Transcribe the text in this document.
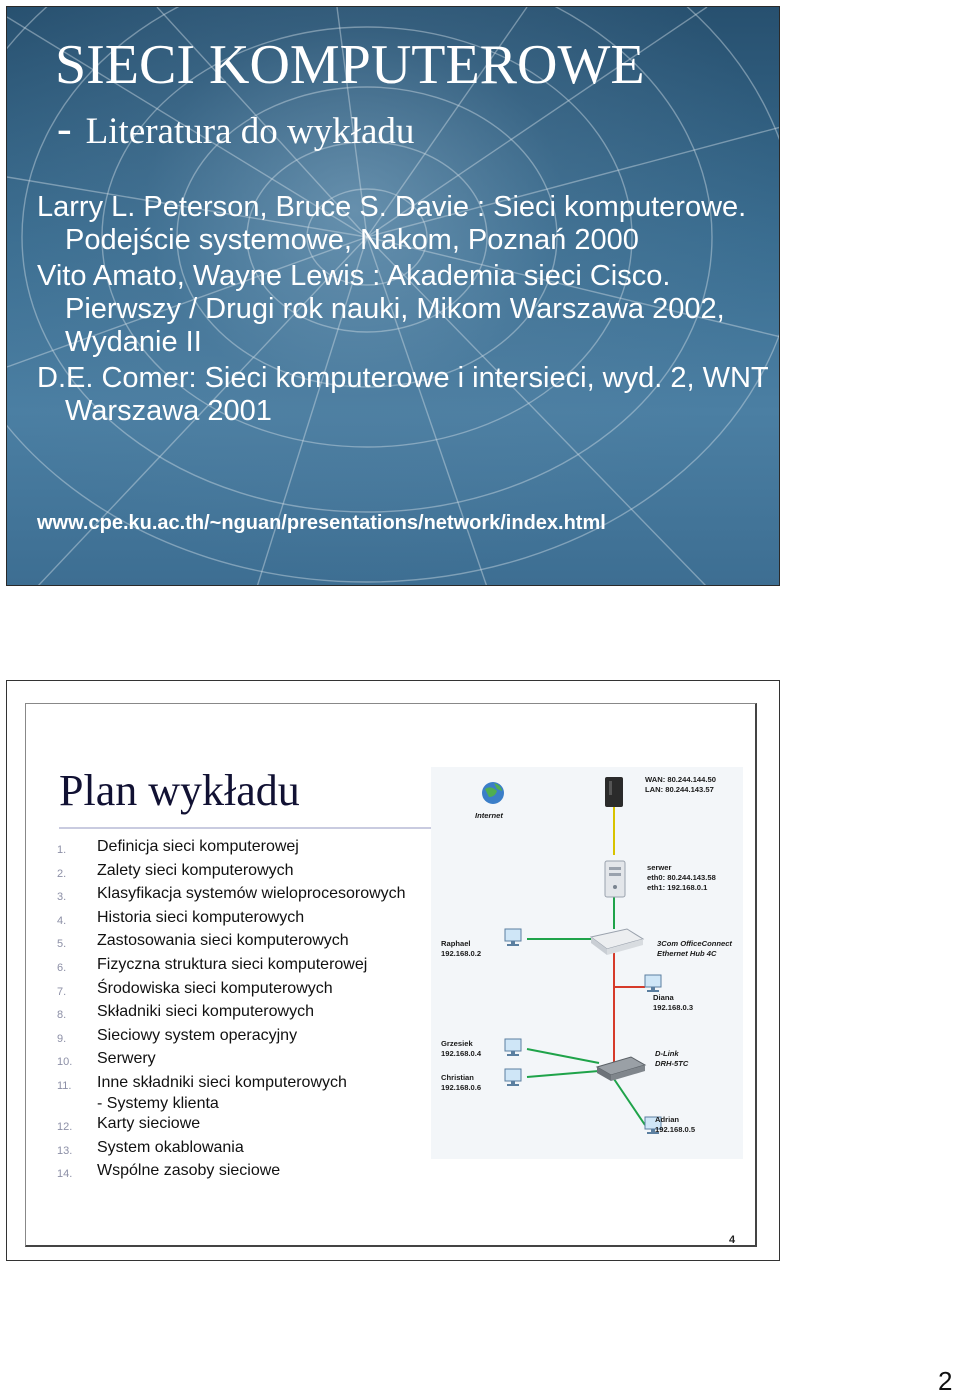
SIECI KOMPUTEROWE
- Literatura do wykładu
Larry L. Peterson, Bruce S. Davie : Sieci komputerowe. Podejście systemowe, Nakom, Poznań 2000
Vito Amato, Wayne Lewis : Akademia sieci Cisco. Pierwszy / Drugi rok nauki, Mikom Warszawa 2002, Wydanie II
D.E. Comer: Sieci komputerowe i intersieci, wyd. 2, WNT Warszawa 2001
www.cpe.ku.ac.th/~nguan/presentations/network/index.html
Plan wykładu
1.	Definicja sieci komputerowej
2.	Zalety sieci komputerowych
3.	Klasyfikacja systemów wieloprocesorowych
4.	Historia sieci komputerowych
5.	Zastosowania sieci komputerowych
6.	Fizyczna struktura sieci komputerowej
7.	Środowiska sieci komputerowych
8.	Składniki sieci komputerowych
9.	Sieciowy system operacyjny
10.	Serwery
11.	Inne składniki sieci komputerowych
- Systemy klienta
12.	Karty sieciowe
13.	System okablowania
14.	Wspólne zasoby sieciowe
Internet
WAN: 80.244.144.50
LAN: 80.244.143.57
serwer
eth0: 80.244.143.58
eth1: 192.168.0.1
Raphael
192.168.0.2
3Com OfficeConnect
Ethernet Hub 4C
Diana
192.168.0.3
Grzesiek
192.168.0.4	D-Link
DRH-5TC
Christian
192.168.0.6
Adrian
192.168.0.5
4
2
